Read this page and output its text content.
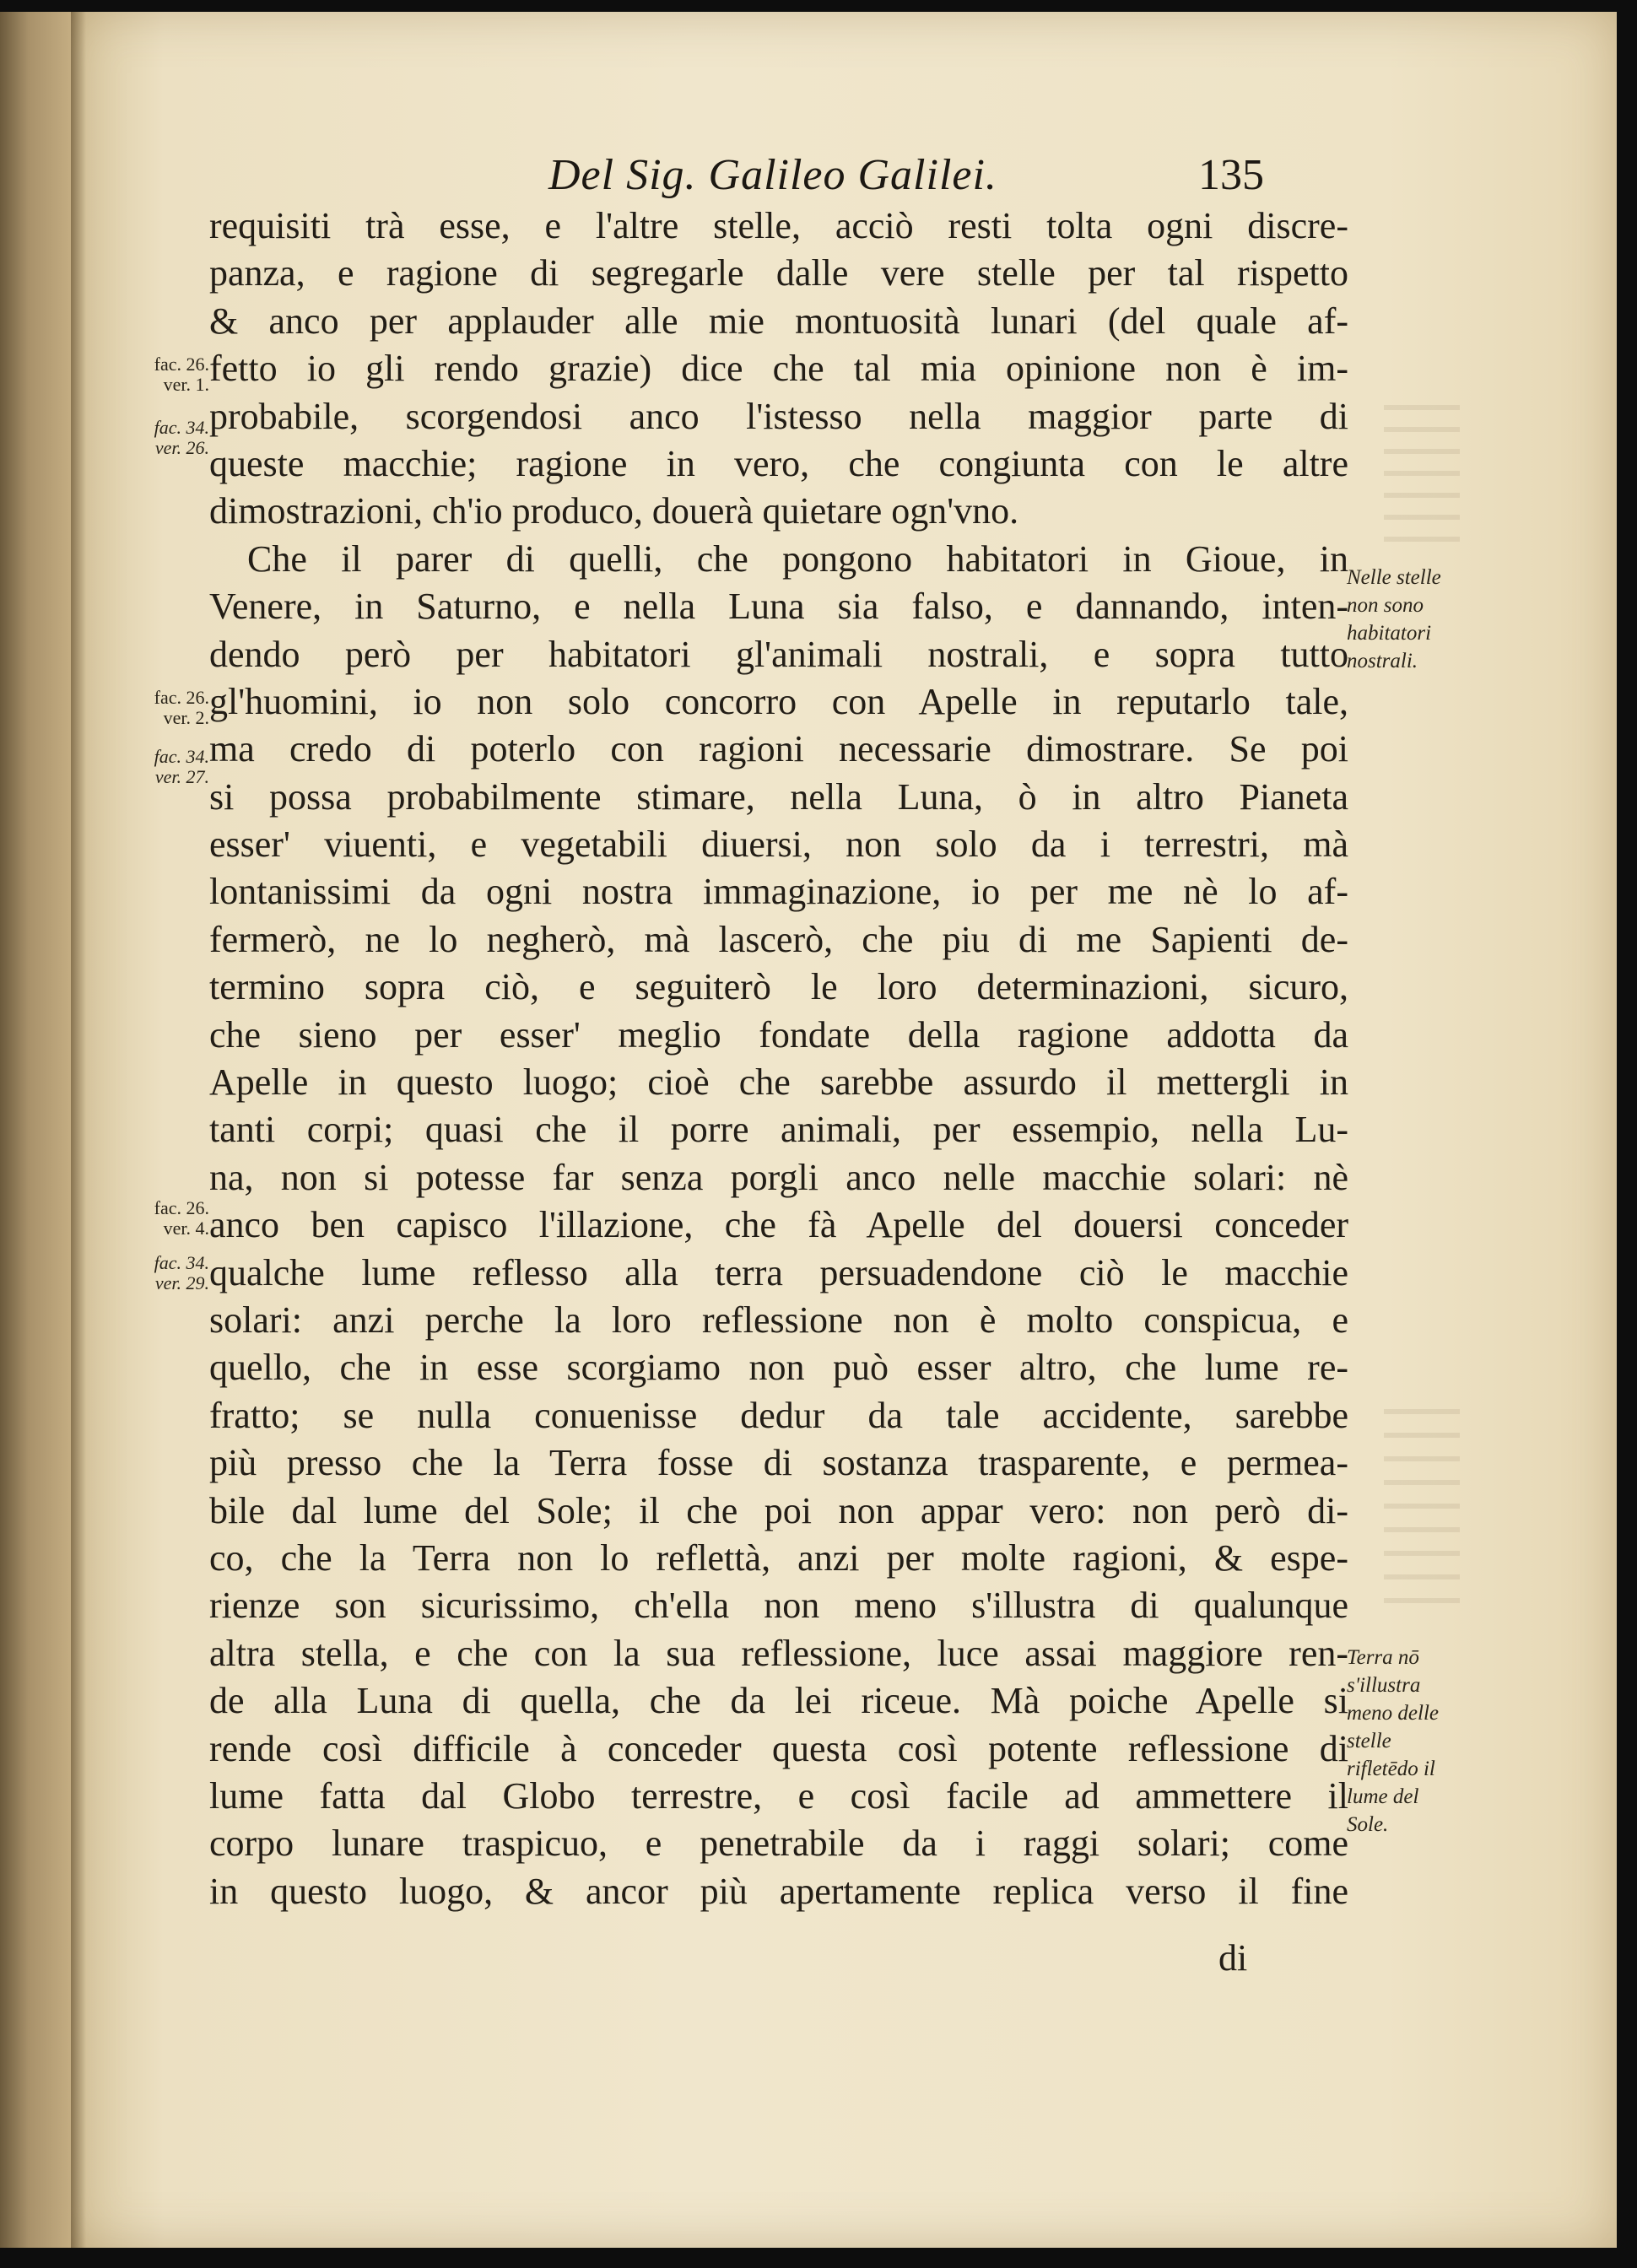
Del Sig. Galileo Galilei.	135
requisiti trà esse, e l'altre stelle, acciò resti tolta ogni discre-
panza, e ragione di segregarle dalle vere stelle per tal rispetto
& anco per applauder alle mie montuosità lunari (del quale af-
fetto io gli rendo grazie) dice che tal mia opinione non è im-
probabile, scorgendosi anco l'istesso nella maggior parte di
queste macchie; ragione in vero, che congiunta con le altre
dimostrazioni, ch'io produco, douerà quietare ogn'vno.
Che il parer di quelli, che pongono habitatori in Gioue, in
Venere, in Saturno, e nella Luna sia falso, e dannando, inten-
dendo però per habitatori gl'animali nostrali, e sopra tutto
gl'huomini, io non solo concorro con Apelle in reputarlo tale,
ma credo di poterlo con ragioni necessarie dimostrare. Se poi
si possa probabilmente stimare, nella Luna, ò in altro Pianeta
esser' viuenti, e vegetabili diuersi, non solo da i terrestri, mà
lontanissimi da ogni nostra immaginazione, io per me nè lo af-
fermerò, ne lo negherò, mà lascerò, che piu di me Sapienti de-
termino sopra ciò, e seguiterò le loro determinazioni, sicuro,
che sieno per esser' meglio fondate della ragione addotta da
Apelle in questo luogo; cioè che sarebbe assurdo il mettergli in
tanti corpi; quasi che il porre animali, per essempio, nella Lu-
na, non si potesse far senza porgli anco nelle macchie solari: nè
anco ben capisco l'illazione, che fà Apelle del douersi conceder
qualche lume reflesso alla terra persuadendone ciò le macchie
solari: anzi perche la loro reflessione non è molto conspicua, e
quello, che in esse scorgiamo non può esser altro, che lume re-
fratto; se nulla conuenisse dedur da tale accidente, sarebbe
più presso che la Terra fosse di sostanza trasparente, e permea-
bile dal lume del Sole; il che poi non appar vero: non però di-
co, che la Terra non lo reflettà, anzi per molte ragioni, & espe-
rienze son sicurissimo, ch'ella non meno s'illustra di qualunque
altra stella, e che con la sua reflessione, luce assai maggiore ren-
de alla Luna di quella, che da lei riceue. Mà poiche Apelle si
rende così difficile à conceder questa così potente reflessione di
lume fatta dal Globo terrestre, e così facile ad ammettere il
corpo lunare traspicuo, e penetrabile da i raggi solari; come
in questo luogo, & ancor più apertamente replica verso il fine
di
fac. 26.
ver. 1.
fac. 34.
ver. 26.
fac. 26.
ver. 2.
fac. 34.
ver. 27.
fac. 26.
ver. 4.
fac. 34.
ver. 29.
Nelle stelle non sono habitatori nostrali.
Terra nō s'illustra meno delle stelle rifletēdo il lume del Sole.
